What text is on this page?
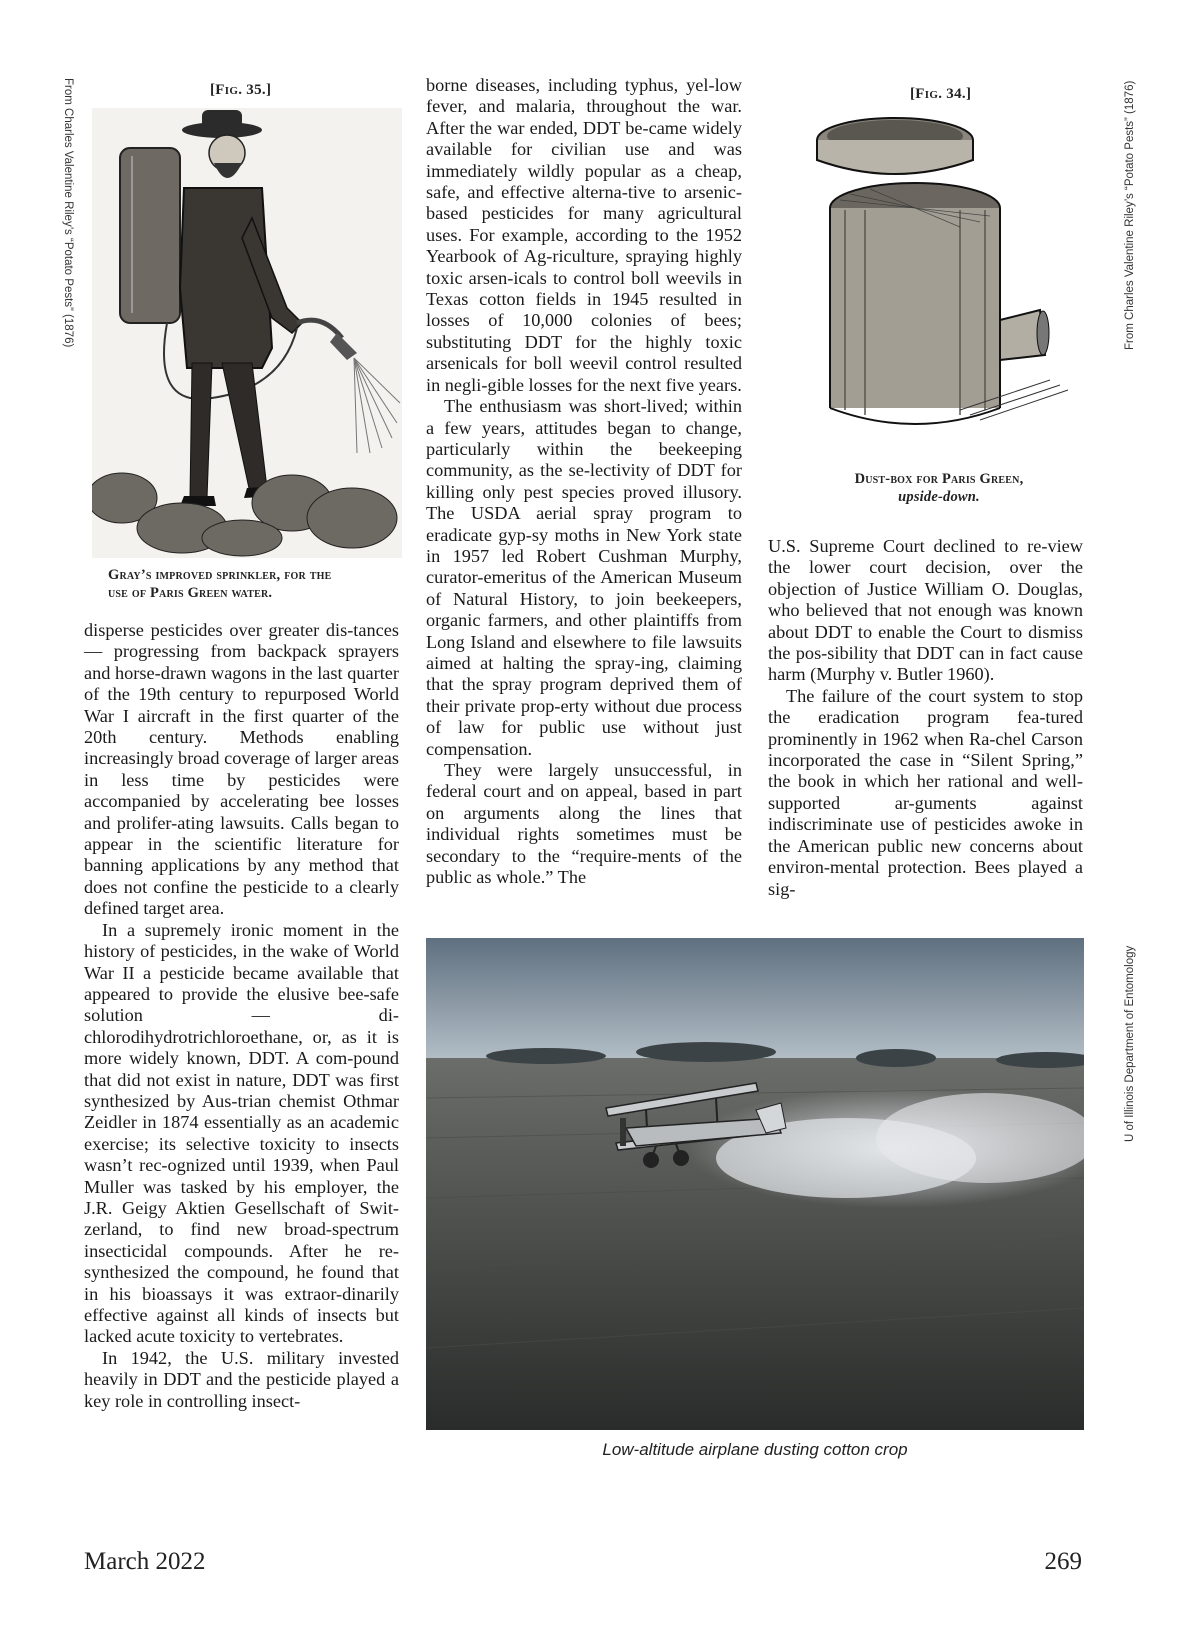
From Charles Valentine Riley’s “Potato Pests” (1876)	From Charles Valentine Riley’s “Potato Pests” (1876)
U of Illinois Department of Entomology
[Fig. 35.]
Gray’s improved sprinkler, for the
use of Paris Green water.
[Fig. 34.]
Dust-box for Paris Green,
upside-down.

disperse pesticides over greater dis-tances — progressing from backpack sprayers and horse-drawn wagons in the last quarter of the 19th century to repurposed World War I aircraft in the first quarter of the 20th century. Methods enabling increasingly broad coverage of larger areas in less time by pesticides were accompanied by accelerating bee losses and prolifer-ating lawsuits. Calls began to appear in the scientific literature for banning applications by any method that does not confine the pesticide to a clearly defined target area.

In a supremely ironic moment in the history of pesticides, in the wake of World War II a pesticide became available that appeared to provide the elusive bee-safe solution — di-chlorodihydrotrichloroethane, or, as it is more widely known, DDT. A com-pound that did not exist in nature, DDT was first synthesized by Aus-trian chemist Othmar Zeidler in 1874 essentially as an academic exercise; its selective toxicity to insects wasn’t rec-ognized until 1939, when Paul Muller was tasked by his employer, the J.R. Geigy Aktien Gesellschaft of Swit-zerland, to find new broad-spectrum insecticidal compounds. After he re-synthesized the compound, he found that in his bioassays it was extraor-dinarily effective against all kinds of insects but lacked acute toxicity to vertebrates.

In 1942, the U.S. military invested heavily in DDT and the pesticide played a key role in controlling insect-

borne diseases, including typhus, yel-low fever, and malaria, throughout the war. After the war ended, DDT be-came widely available for civilian use and was immediately wildly popular as a cheap, safe, and effective alterna-tive to arsenic-based pesticides for many agricultural uses. For example, according to the 1952 Yearbook of Ag-riculture, spraying highly toxic arsen-icals to control boll weevils in Texas cotton fields in 1945 resulted in losses of 10,000 colonies of bees; substituting DDT for the highly toxic arsenicals for boll weevil control resulted in negli-gible losses for the next five years.

The enthusiasm was short-lived; within a few years, attitudes began to change, particularly within the beekeeping community, as the se-lectivity of DDT for killing only pest species proved illusory. The USDA aerial spray program to eradicate gyp-sy moths in New York state in 1957 led Robert Cushman Murphy, curator-emeritus of the American Museum of Natural History, to join beekeepers, organic farmers, and other plaintiffs from Long Island and elsewhere to file lawsuits aimed at halting the spray-ing, claiming that the spray program deprived them of their private prop-erty without due process of law for public use without just compensation.

They were largely unsuccessful, in federal court and on appeal, based in part on arguments along the lines that individual rights sometimes must be secondary to the “require-ments of the public as whole.” The

U.S. Supreme Court declined to re-view the lower court decision, over the objection of Justice William O. Douglas, who believed that not enough was known about DDT to enable the Court to dismiss the pos-sibility that DDT can in fact cause harm (Murphy v. Butler 1960).

The failure of the court system to stop the eradication program fea-tured prominently in 1962 when Ra-chel Carson incorporated the case in “Silent Spring,” the book in which her rational and well-supported ar-guments against indiscriminate use of pesticides awoke in the American public new concerns about environ-mental protection. Bees played a sig-

Low-altitude airplane dusting cotton crop
March 2022	269
